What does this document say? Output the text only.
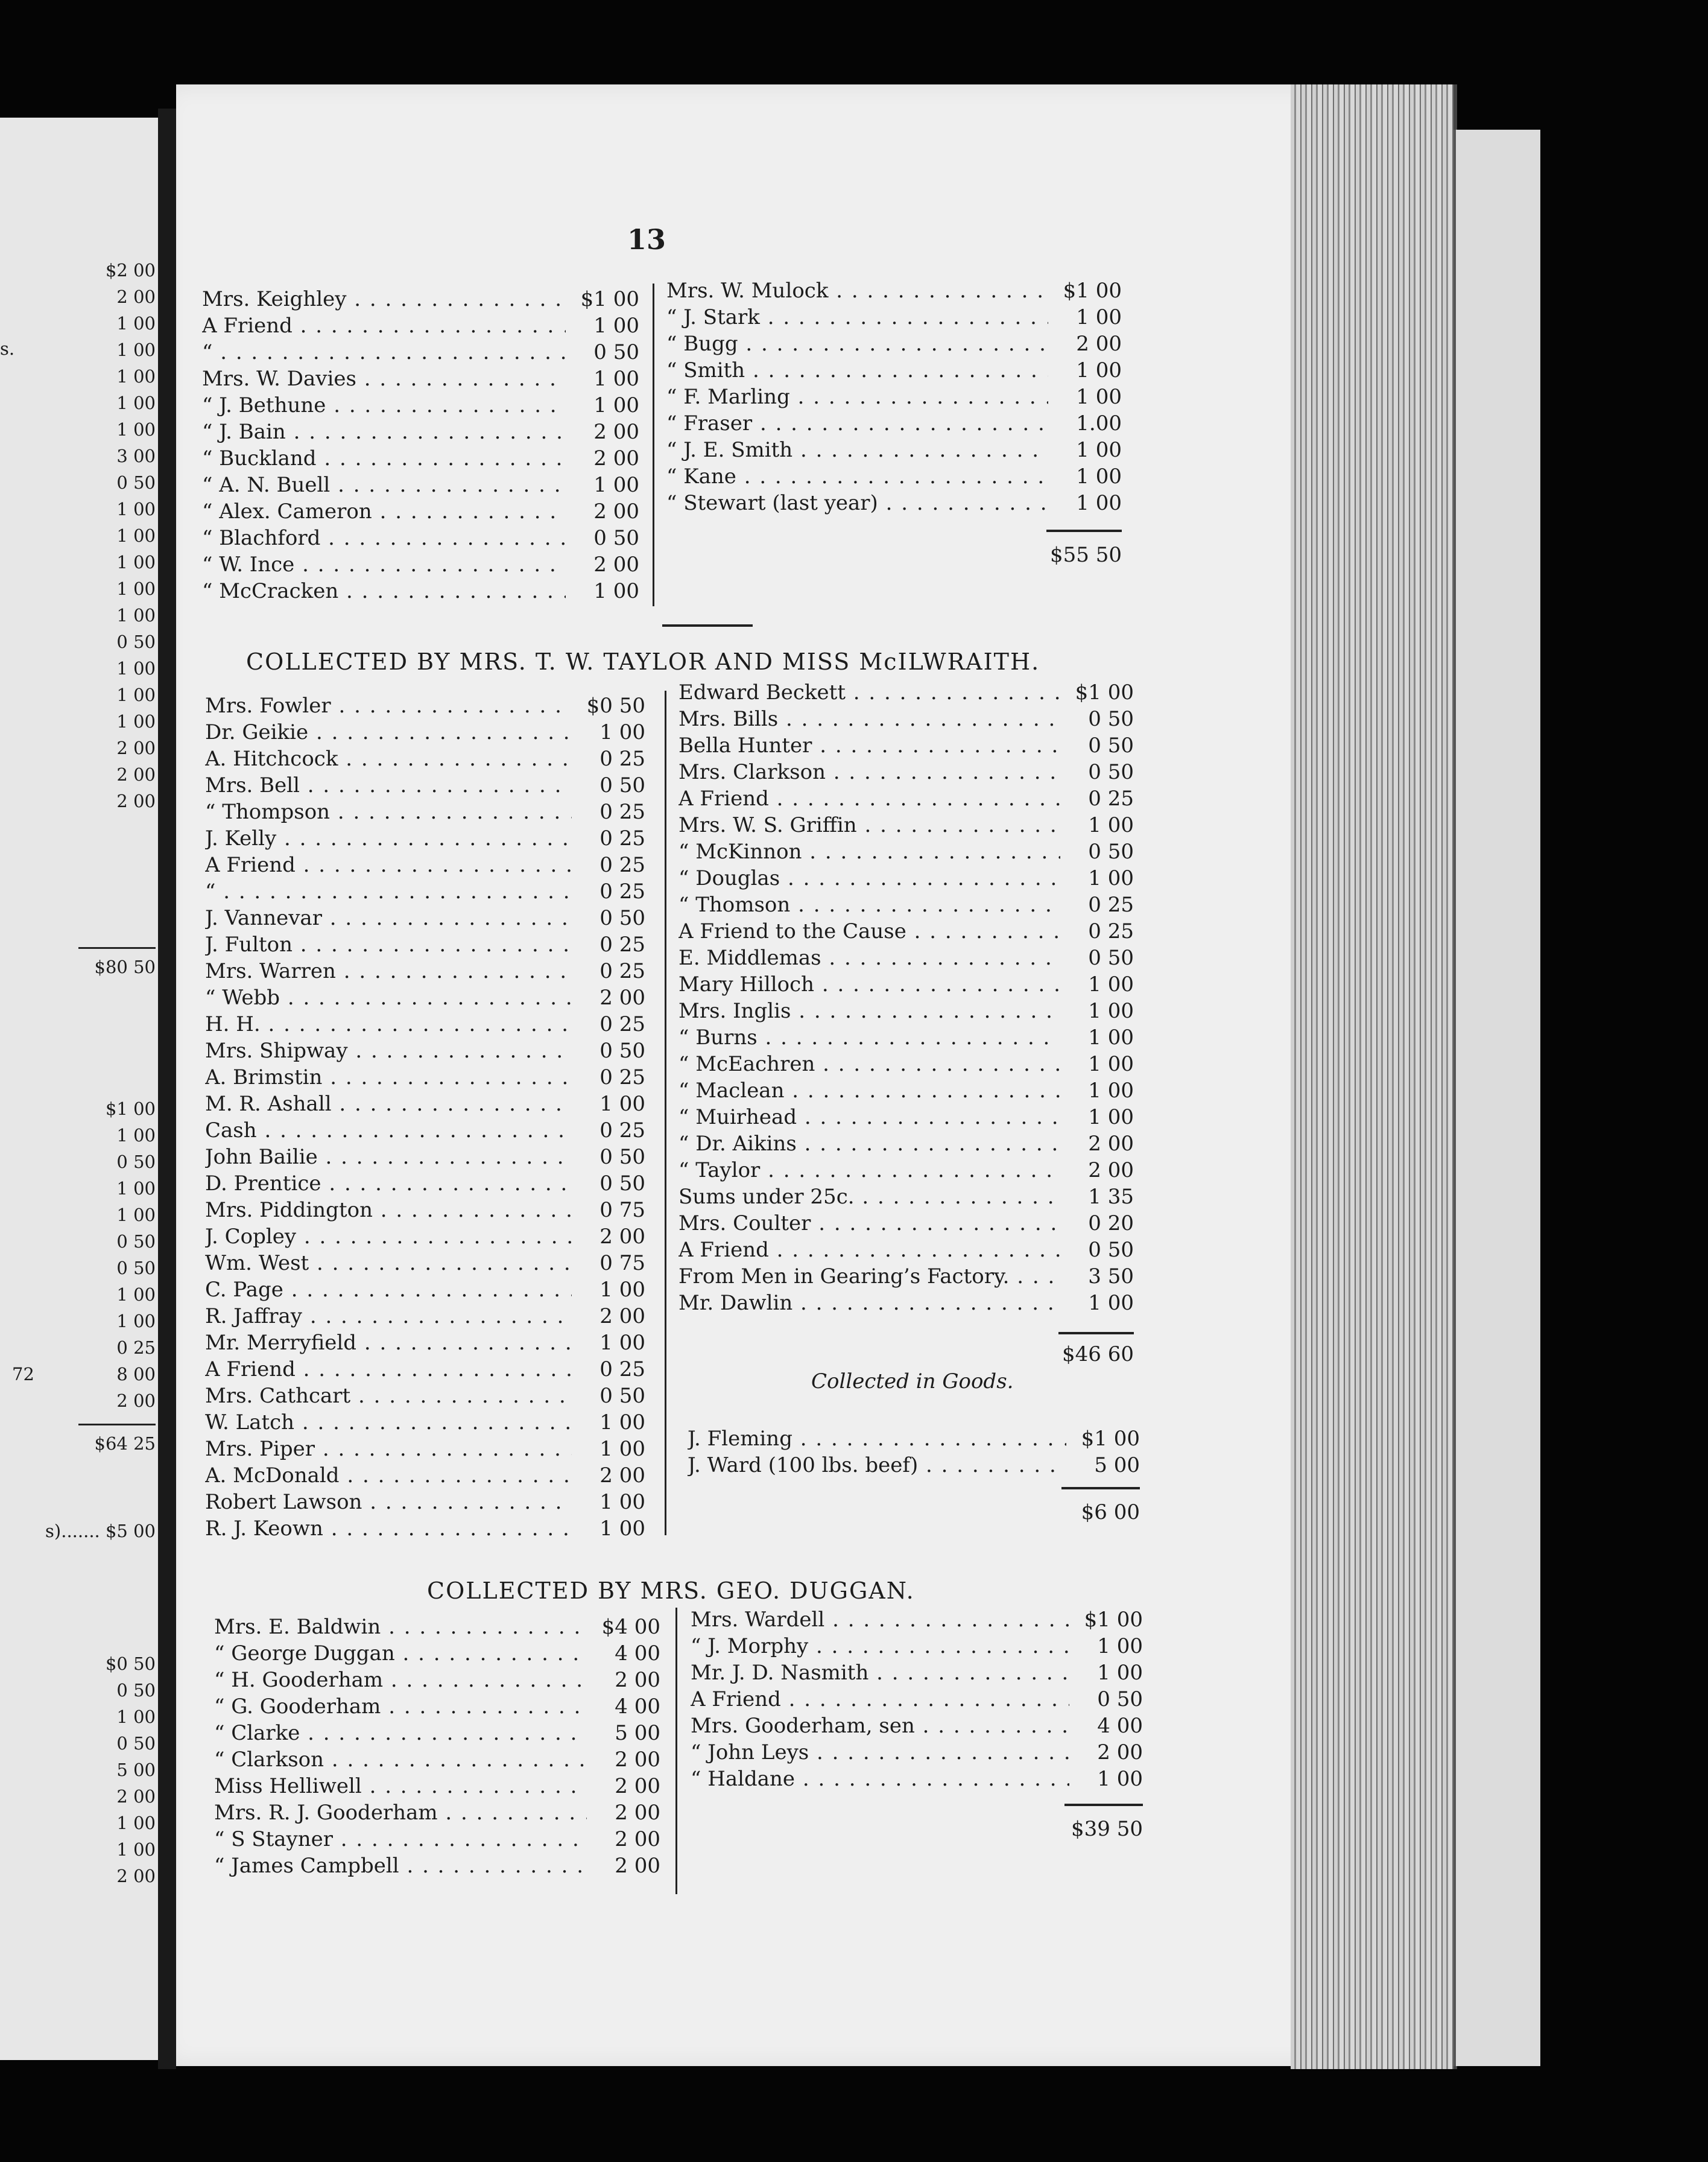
s.
$2 00
2 00
1 00
1 00
1 00
1 00
1 00
3 00
0 50
1 00
1 00
1 00
1 00
1 00
0 50
1 00
1 00
1 00
2 00
2 00
2 00
$80 50
$1 00
1 00
0 50
1 00
1 00
0 50
0 50
1 00
1 00
0 25
8 00
2 00
72
$64 25
s)....... $5 00
$0 50
0 50
1 00
0 50
5 00
2 00
1 00
1 00
2 00
13
Mrs. Keighley . . .	$1 00
A Friend . . .	1 00
“ . . .	0 50
Mrs. W. Davies . . .	1 00
“ J. Bethune . . .	1 00
“ J. Bain . . .	2 00
“ Buckland . . .	2 00
“ A. N. Buell . . .	1 00
“ Alex. Cameron . . .	2 00
“ Blachford . . .	0 50
“ W. Ince . . .	2 00
“ McCracken . . .	1 00
Mrs. W. Mulock . . .	$1 00
“ J. Stark . . .	1 00
“ Bugg . . .	2 00
“ Smith . . .	1 00
“ F. Marling . . .	1 00
“ Fraser . . .	1.00
“ J. E. Smith . . .	1 00
“ Kane . . .	1 00
“ Stewart (last year) . . .	1 00
$55 50
COLLECTED BY MRS. T. W. TAYLOR AND MISS McILWRAITH.
Mrs. Fowler . . .	$0 50
Dr. Geikie . . .	1 00
A. Hitchcock . . .	0 25
Mrs. Bell . . .	0 50
“ Thompson . . .	0 25
J. Kelly . . .	0 25
A Friend . . .	0 25
“ . . .	0 25
J. Vannevar . . .	0 50
J. Fulton . . .	0 25
Mrs. Warren . . .	0 25
“ Webb . . .	2 00
H. H. . . .	0 25
Mrs. Shipway . . .	0 50
A. Brimstin . . .	0 25
M. R. Ashall . . .	1 00
Cash . . .	0 25
John Bailie . . .	0 50
D. Prentice . . .	0 50
Mrs. Piddington . . .	0 75
J. Copley . . .	2 00
Wm. West . . .	0 75
C. Page . . .	1 00
R. Jaffray . . .	2 00
Mr. Merryfield . . .	1 00
A Friend . . .	0 25
Mrs. Cathcart . . .	0 50
W. Latch . . .	1 00
Mrs. Piper . . .	1 00
A. McDonald . . .	2 00
Robert Lawson . . .	1 00
R. J. Keown . . .	1 00
Edward Beckett . . .	$1 00
Mrs. Bills . . .	0 50
Bella Hunter . . .	0 50
Mrs. Clarkson . . .	0 50
A Friend . . .	0 25
Mrs. W. S. Griffin . . .	1 00
“ McKinnon . . .	0 50
“ Douglas . . .	1 00
“ Thomson . . .	0 25
A Friend to the Cause . . .	0 25
E. Middlemas . . .	0 50
Mary Hilloch . . .	1 00
Mrs. Inglis . . .	1 00
“ Burns . . .	1 00
“ McEachren . . .	1 00
“ Maclean . . .	1 00
“ Muirhead . . .	1 00
“ Dr. Aikins . . .	2 00
“ Taylor . . .	2 00
Sums under 25c. . . .	1 35
Mrs. Coulter . . .	0 20
A Friend . . .	0 50
From Men in Gearing’s Factory. . . .	3 50
Mr. Dawlin . . .	1 00
$46 60
Collected in Goods.
J. Fleming . . .	$1 00
J. Ward (100 lbs. beef) . . .	5 00
$6 00
COLLECTED BY MRS. GEO. DUGGAN.
Mrs. E. Baldwin . . .	$4 00
“ George Duggan . . .	4 00
“ H. Gooderham . . .	2 00
“ G. Gooderham . . .	4 00
“ Clarke . . .	5 00
“ Clarkson . . .	2 00
Miss Helliwell . . .	2 00
Mrs. R. J. Gooderham . . .	2 00
“ S Stayner . . .	2 00
“ James Campbell . . .	2 00
Mrs. Wardell . . .	$1 00
“ J. Morphy . . .	1 00
Mr. J. D. Nasmith . . .	1 00
A Friend . . .	0 50
Mrs. Gooderham, sen . . .	4 00
“ John Leys . . .	2 00
“ Haldane . . .	1 00
$39 50
